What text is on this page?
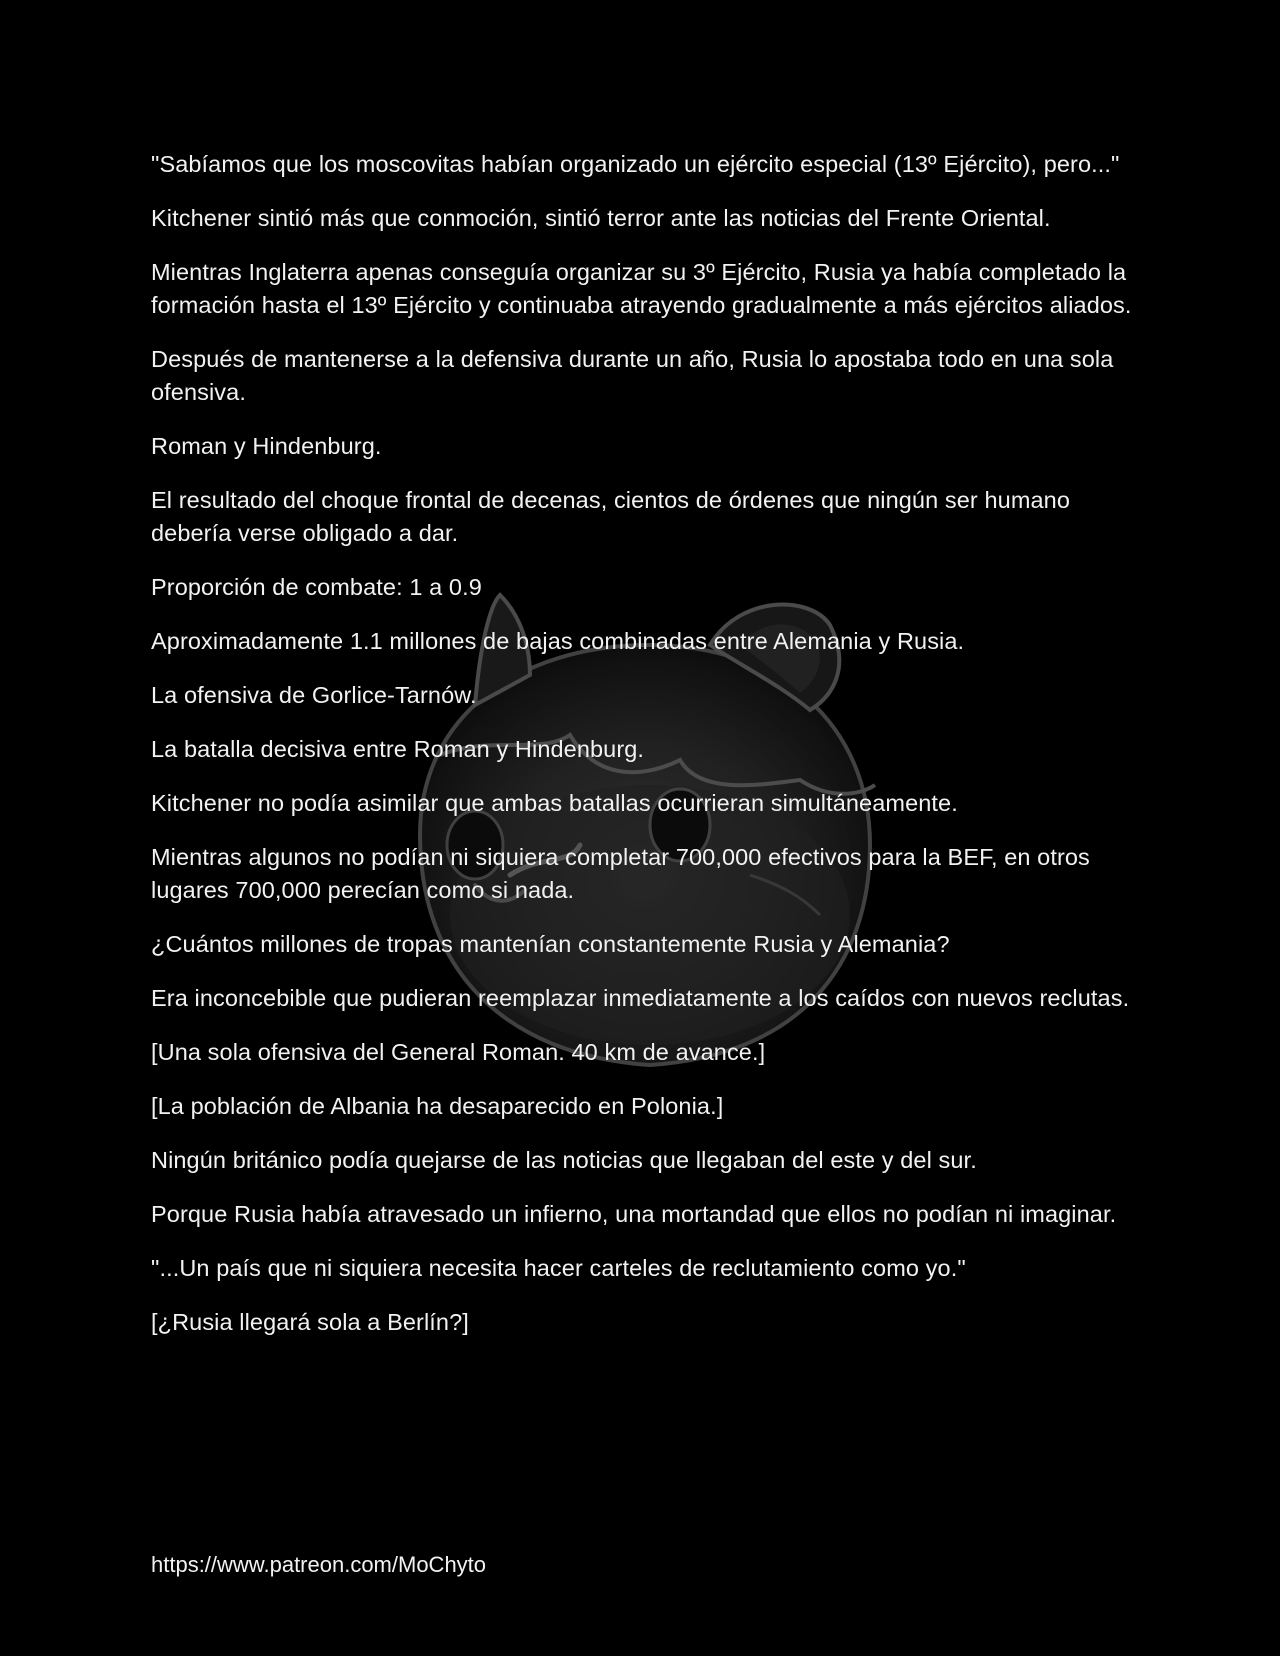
"Sabíamos que los moscovitas habían organizado un ejército especial (13º Ejército), pero..."

Kitchener sintió más que conmoción, sintió terror ante las noticias del Frente Oriental.

Mientras Inglaterra apenas conseguía organizar su 3º Ejército, Rusia ya había completado la formación hasta el 13º Ejército y continuaba atrayendo gradualmente a más ejércitos aliados.

Después de mantenerse a la defensiva durante un año, Rusia lo apostaba todo en una sola ofensiva.

Roman y Hindenburg.

El resultado del choque frontal de decenas, cientos de órdenes que ningún ser humano debería verse obligado a dar.

Proporción de combate: 1 a 0.9

Aproximadamente 1.1 millones de bajas combinadas entre Alemania y Rusia.

La ofensiva de Gorlice-Tarnów.

La batalla decisiva entre Roman y Hindenburg.

Kitchener no podía asimilar que ambas batallas ocurrieran simultáneamente.

Mientras algunos no podían ni siquiera completar 700,000 efectivos para la BEF, en otros lugares 700,000 perecían como si nada.

¿Cuántos millones de tropas mantenían constantemente Rusia y Alemania?

Era inconcebible que pudieran reemplazar inmediatamente a los caídos con nuevos reclutas.

[Una sola ofensiva del General Roman. 40 km de avance.]

[La población de Albania ha desaparecido en Polonia.]

Ningún británico podía quejarse de las noticias que llegaban del este y del sur.

Porque Rusia había atravesado un infierno, una mortandad que ellos no podían ni imaginar.

"...Un país que ni siquiera necesita hacer carteles de reclutamiento como yo."

[¿Rusia llegará sola a Berlín?]

https://www.patreon.com/MoChyto
